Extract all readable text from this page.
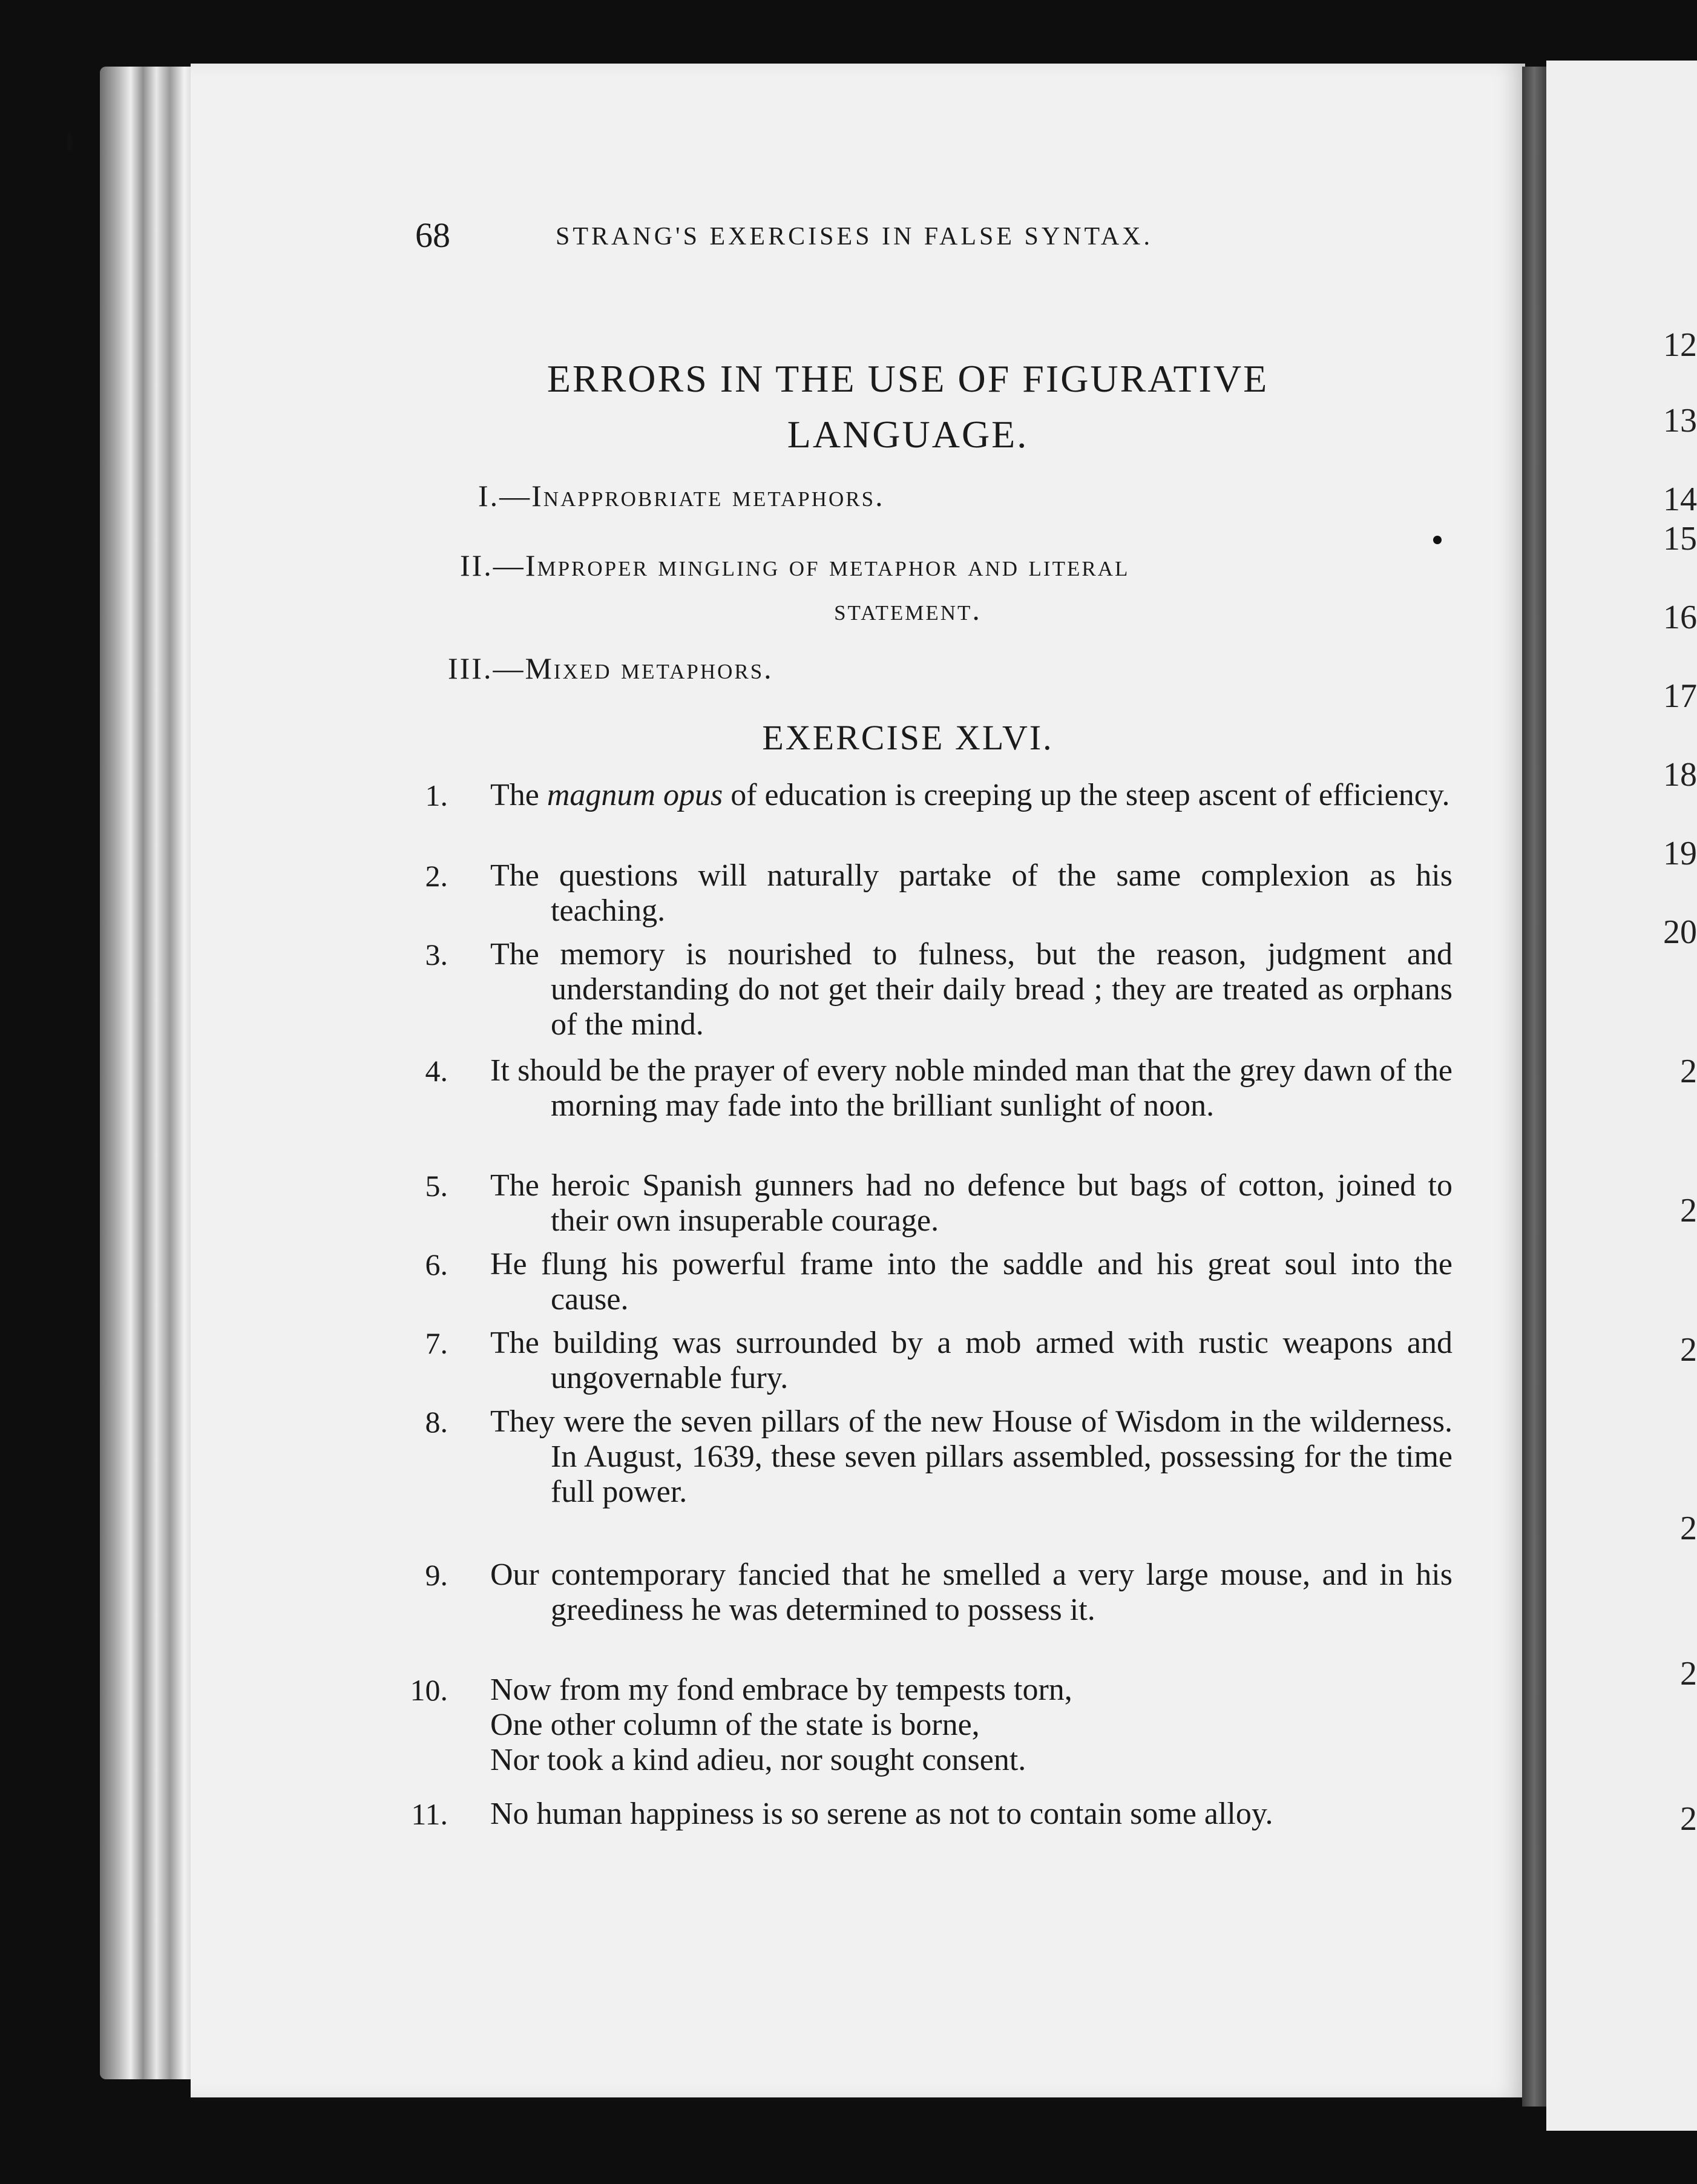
12
13
14
15
16
17
18
19
20
2
2
2
2
2
2
68	STRANG'S EXERCISES IN FALSE SYNTAX.
ERRORS IN THE USE OF FIGURATIVE
LANGUAGE.
I.—Inapprobriate metaphors.
II.—Improper mingling of metaphor and literal
statement.
III.—Mixed metaphors.
EXERCISE XLVI.
1. The magnum opus of education is creeping up the steep ascent of efficiency.
2. The questions will naturally partake of the same complexion as his teaching.
3. The memory is nourished to fulness, but the reason, judgment and understanding do not get their daily bread ; they are treated as orphans of the mind.
4. It should be the prayer of every noble minded man that the grey dawn of the morning may fade into the brilliant sunlight of noon.
5. The heroic Spanish gunners had no defence but bags of cotton, joined to their own insuperable courage.
6. He flung his powerful frame into the saddle and his great soul into the cause.
7. The building was surrounded by a mob armed with rustic weapons and ungovernable fury.
8. They were the seven pillars of the new House of Wisdom in the wilderness. In August, 1639, these seven pillars assembled, possessing for the time full power.
9. Our contemporary fancied that he smelled a very large mouse, and in his greediness he was determined to possess it.
10. Now from my fond embrace by tempests torn,
One other column of the state is borne,
Nor took a kind adieu, nor sought consent.
11. No human happiness is so serene as not to contain some alloy.
